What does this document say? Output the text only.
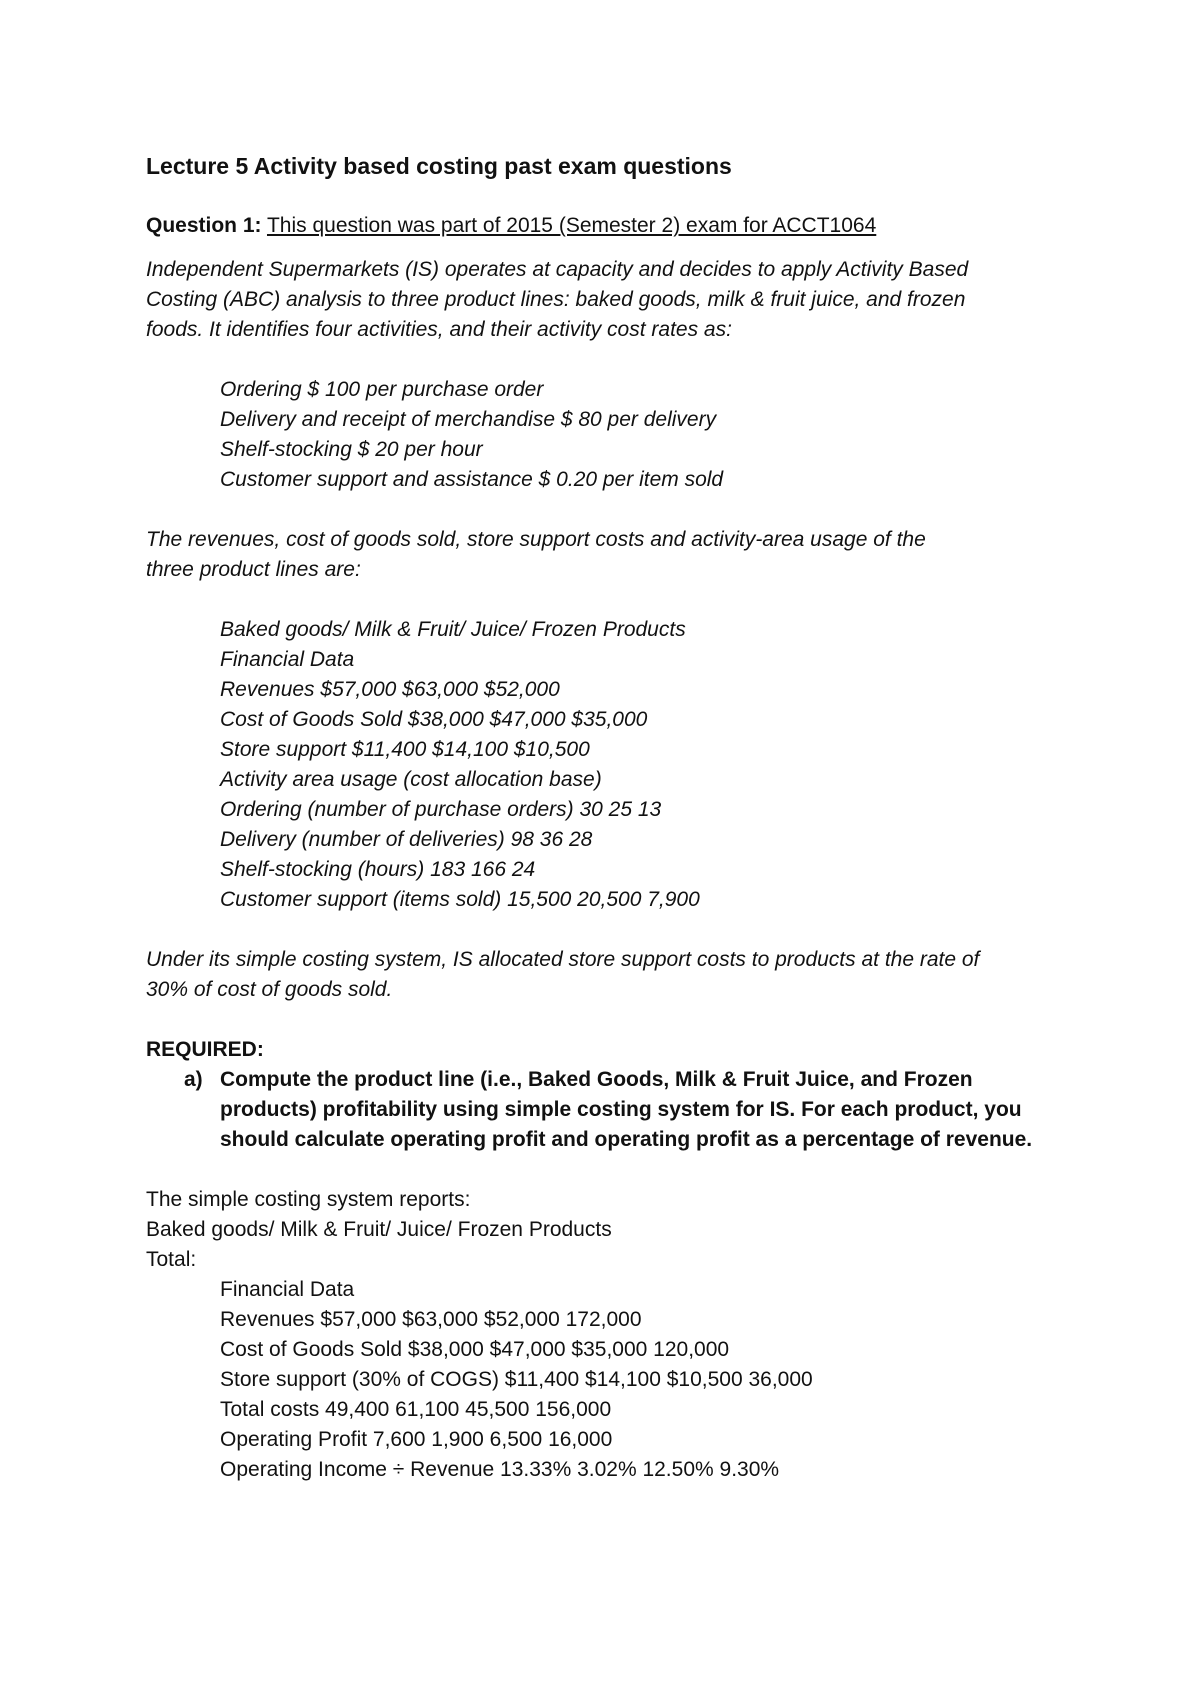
Lecture 5 Activity based costing past exam questions
Question 1: This question was part of 2015 (Semester 2) exam for ACCT1064
Independent Supermarkets (IS) operates at capacity and decides to apply Activity Based
Costing (ABC) analysis to three product lines: baked goods, milk & fruit juice, and frozen
foods. It identifies four activities, and their activity cost rates as:
Ordering $ 100 per purchase order
Delivery and receipt of merchandise $ 80 per delivery
Shelf-stocking $ 20 per hour
Customer support and assistance $ 0.20 per item sold
The revenues, cost of goods sold, store support costs and activity-area usage of the
three product lines are:
Baked goods/ Milk & Fruit/ Juice/ Frozen Products
Financial Data
Revenues $57,000 $63,000 $52,000
Cost of Goods Sold $38,000 $47,000 $35,000
Store support $11,400 $14,100 $10,500
Activity area usage (cost allocation base)
Ordering (number of purchase orders) 30 25 13
Delivery (number of deliveries) 98 36 28
Shelf-stocking (hours) 183 166 24
Customer support (items sold) 15,500 20,500 7,900
Under its simple costing system, IS allocated store support costs to products at the rate of
30% of cost of goods sold.
REQUIRED:
a) Compute the product line (i.e., Baked Goods, Milk & Fruit Juice, and Frozen
products) profitability using simple costing system for IS. For each product, you
should calculate operating profit and operating profit as a percentage of revenue.
The simple costing system reports:
Baked goods/ Milk & Fruit/ Juice/ Frozen Products
Total:
Financial Data
Revenues $57,000 $63,000 $52,000 172,000
Cost of Goods Sold $38,000 $47,000 $35,000 120,000
Store support (30% of COGS) $11,400 $14,100 $10,500 36,000
Total costs 49,400 61,100 45,500 156,000
Operating Profit 7,600 1,900 6,500 16,000
Operating Income ÷ Revenue 13.33% 3.02% 12.50% 9.30%
